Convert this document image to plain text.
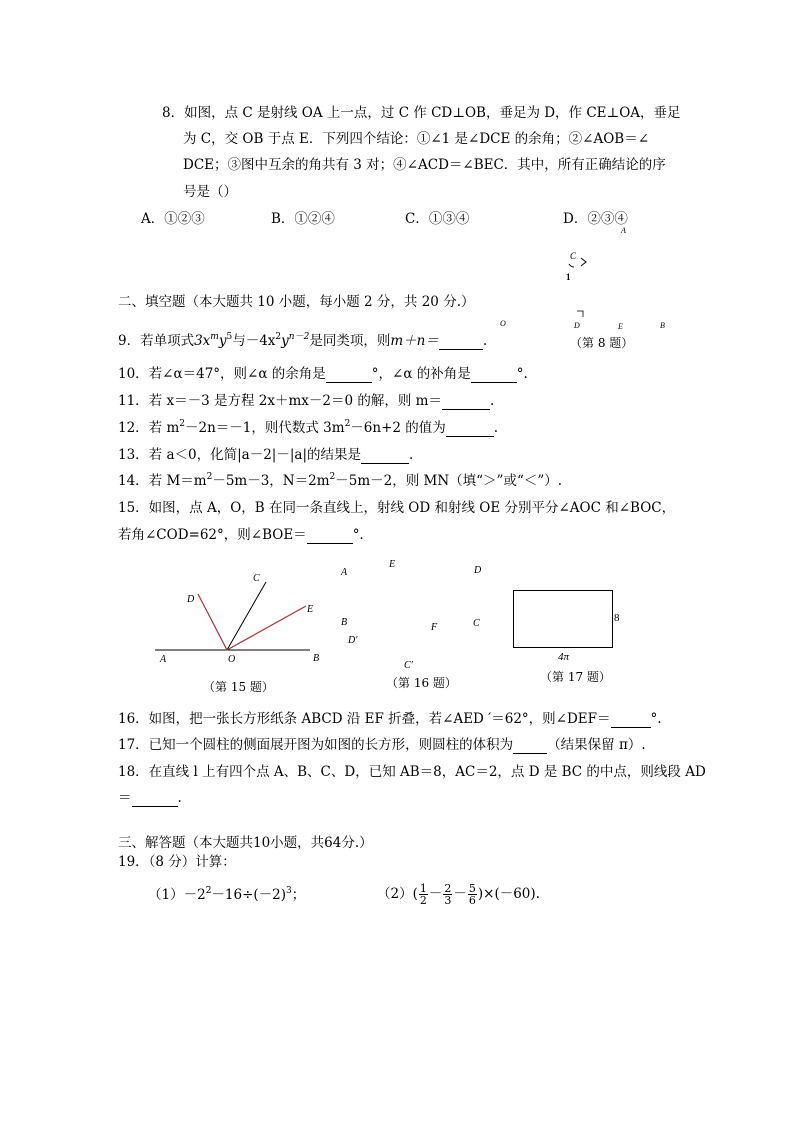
8．如图，点 C 是射线 OA 上一点，过 C 作 CD⊥OB，垂足为 D，作 CE⊥OA，垂足
为 C，交 OB 于点 E．下列四个结论：①∠1 是∠DCE 的余角；②∠AOB＝∠
DCE；③图中互余的角共有 3 对；④∠ACD＝∠BEC．其中，所有正确结论的序
号是（）
A．①②③	B．①②④	C．①③④	D．②③④
A
C
1
O	D	E	B
（第 8 题）
二、填空题（本大题共 10 小题，每小题 2 分，共 20 分.）
9．若单项式$3x^my^5$与$-4x^2y^{n-2}$是同类项，则m＋n＝	.
10．若∠α＝47°，则∠α 的余角是	°，∠α 的补角是	°.
11．若 x＝－3 是方程 2x＋mx－2＝0 的解，则 m＝	.
12．若 $m^2-2n=-1$，则代数式 $3m^2-6n+2$ 的值为	.
13．若 a＜0，化简|a－2|－|a|的结果是	.
14．若 $M=m^2-5m-3$，$N=2m^2-5m-2$，则 MN（填“＞”或“＜”）.
15．如图，点 A，O，B 在同一条直线上，射线 OD 和射线 OE 分别平分∠AOC 和∠BOC，
若角∠COD=62°，则∠BOE＝	°．
C
D
E
A	O	B
（第 15 题）
A
E
D
B
D′
F	C
C′
（第 16 题）
8
4π
（第 17 题）
16．如图，把一张长方形纸条 ABCD 沿 EF 折叠，若∠AED ′＝62°，则∠DEF＝	°.
17．已知一个圆柱的侧面展开图为如图的长方形，则圆柱的体积为	（结果保留 π）.
18．在直线 l 上有四个点 A、B、C、D，已知 AB＝8，AC＝2，点 D 是 BC 的中点，则线段 AD
＝	.
三、解答题（本大题共10小题，共64分.）
19．（8 分）计算：
$(1)-2^2-16\div(-2)^3$；	$(2)( \frac{1}{2} - \frac{2}{3} - \frac{5}{6} )\times(-60)$.
